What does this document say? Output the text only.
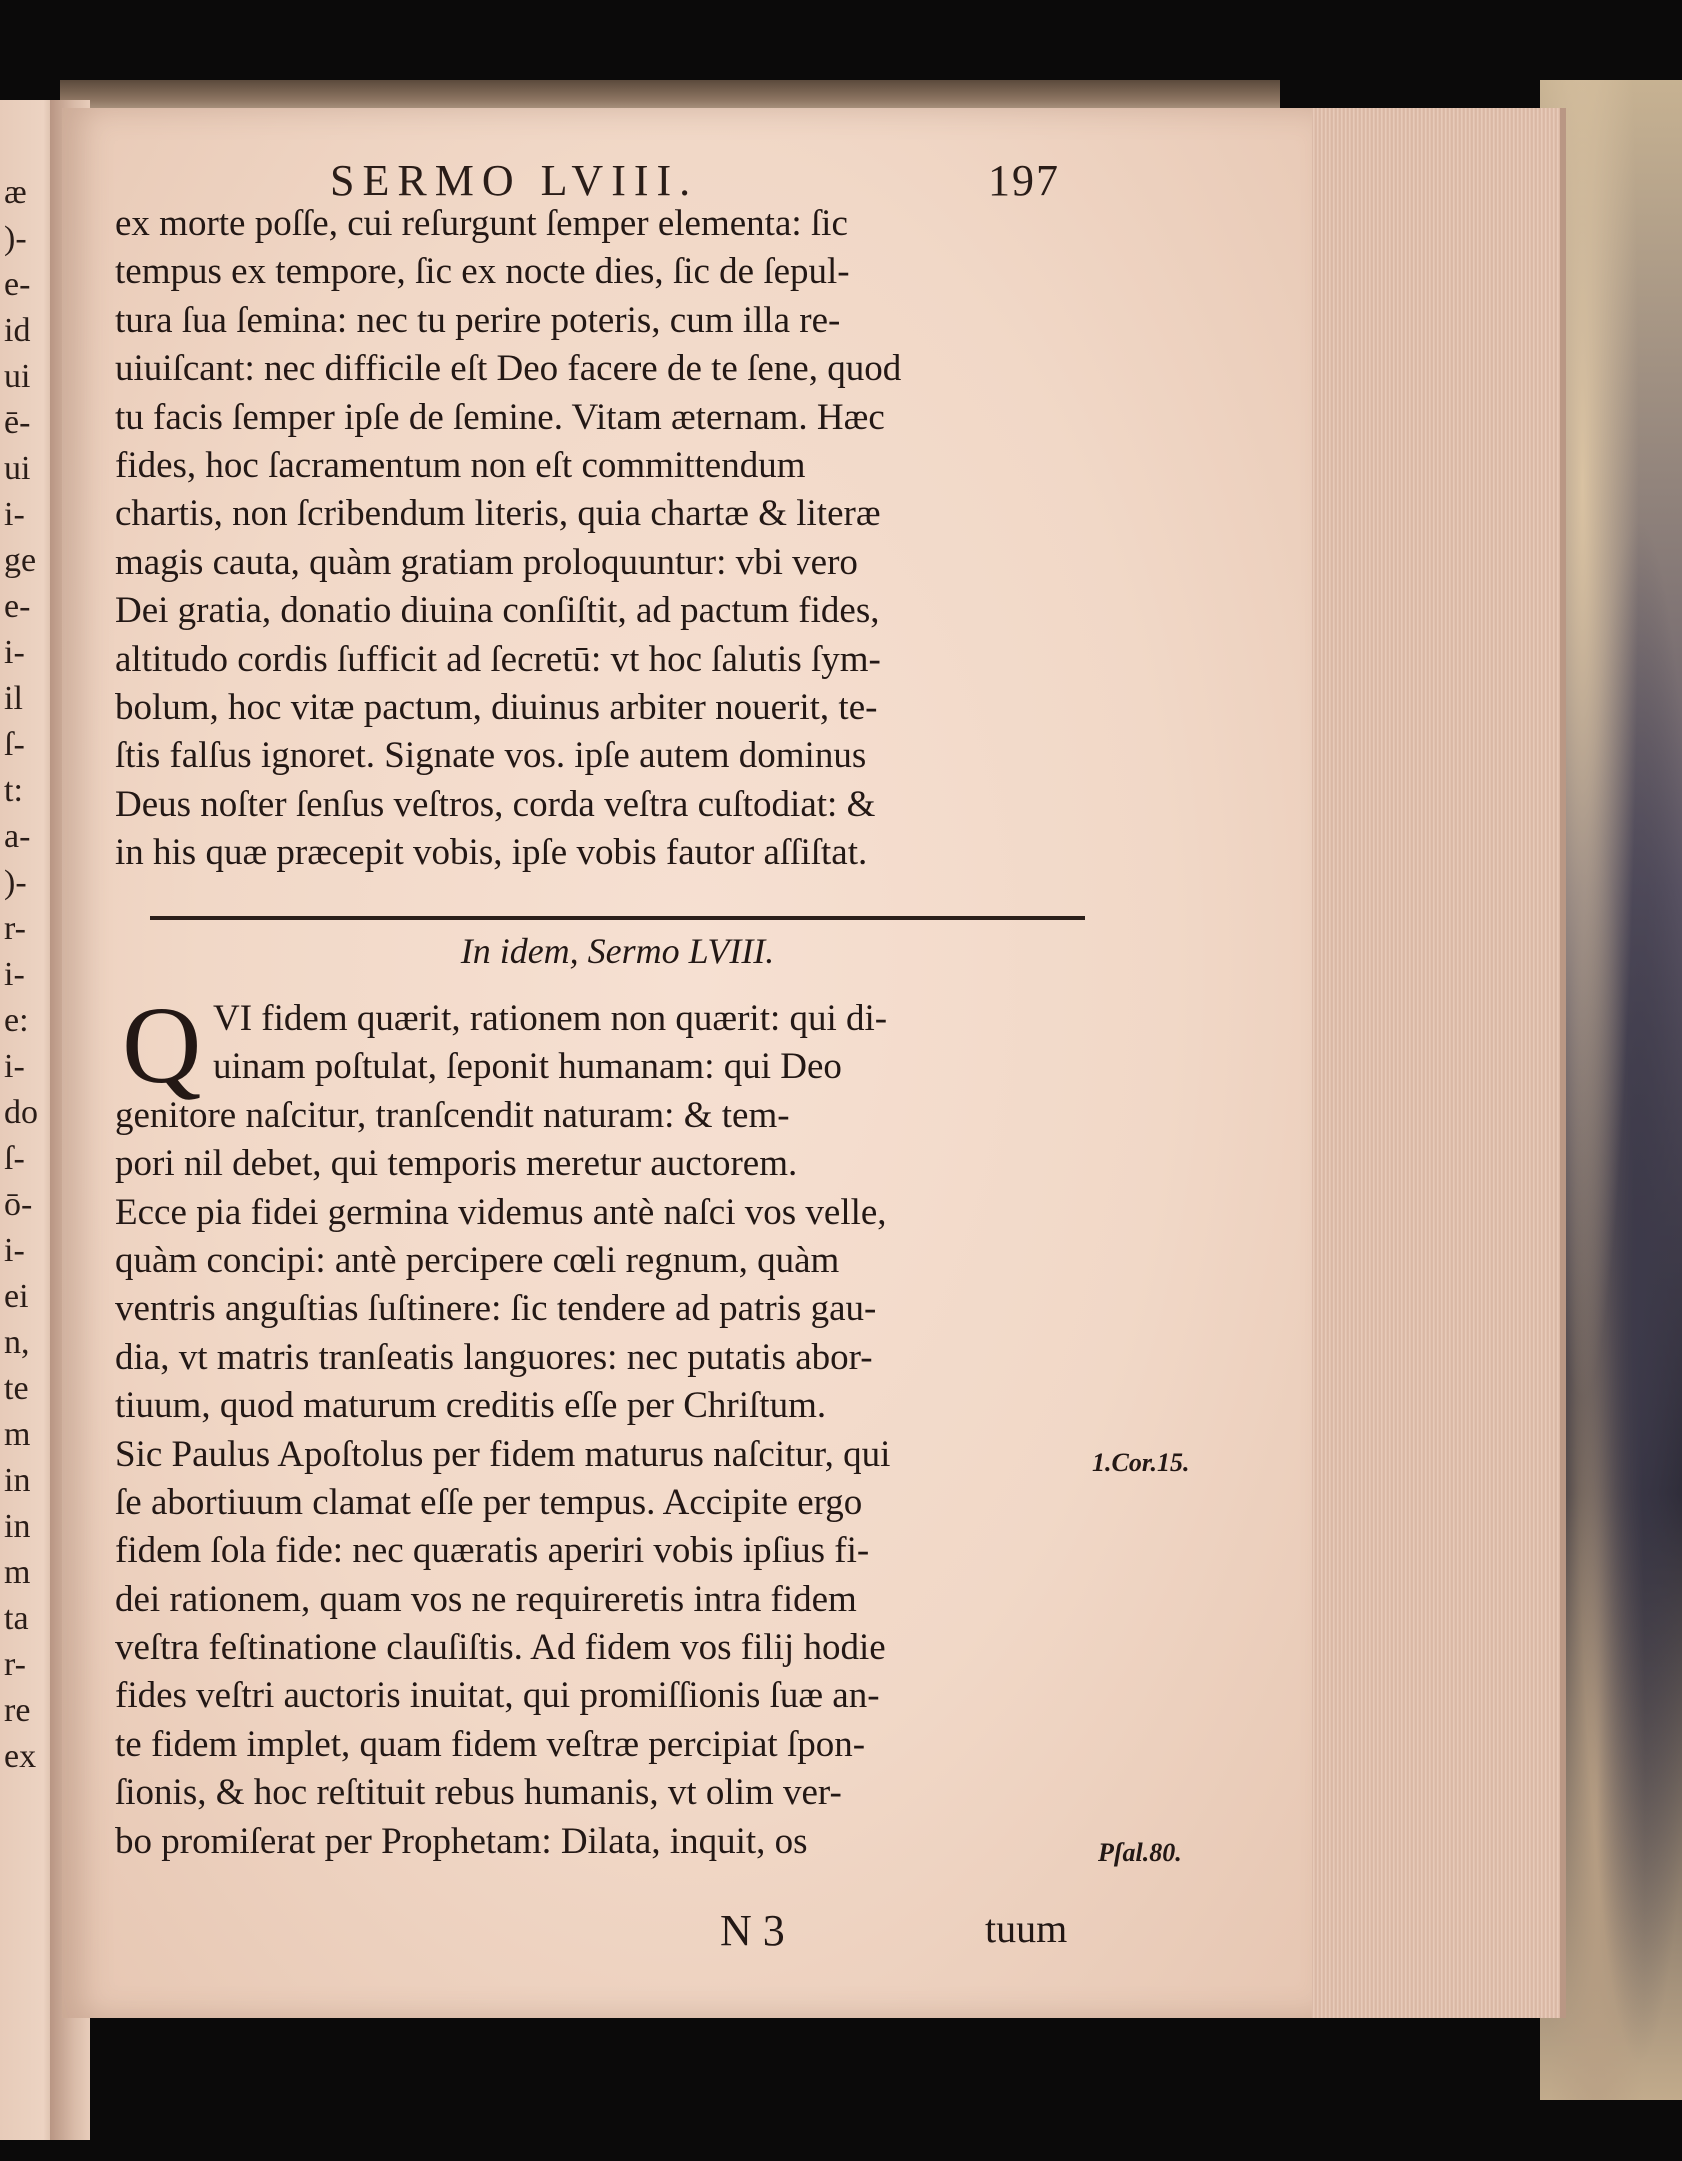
æ
)-
e-
id
ui
ē-
ui
i-
ge
e-
i-
il
ſ-
t:
a-
)-
r-
i-
e:
i-
do
ſ-
ō-
i-
ei
n,
te
m
in
in
m
ta
r-
re
ex
SERMO LVIII.	197
ex morte poſſe, cui reſurgunt ſemper elementa: ſic
tempus ex tempore, ſic ex nocte dies, ſic de ſepul-
tura ſua ſemina: nec tu perire poteris, cum illa re-
uiuiſcant: nec difficile eſt Deo facere de te ſene, quod
tu facis ſemper ipſe de ſemine. Vitam æternam. Hæc
fides, hoc ſacramentum non eſt committendum
chartis, non ſcribendum literis, quia chartæ & literæ
magis cauta, quàm gratiam proloquuntur: vbi vero
Dei gratia, donatio diuina conſiſtit, ad pactum fides,
altitudo cordis ſufficit ad ſecretū: vt hoc ſalutis ſym-
bolum, hoc vitæ pactum, diuinus arbiter nouerit, te-
ſtis falſus ignoret. Signate vos. ipſe autem dominus
Deus noſter ſenſus veſtros, corda veſtra cuſtodiat: &
in his quæ præcepit vobis, ipſe vobis fautor aſſiſtat.
In idem, Sermo LVIII.
Q VI fidem quærit, rationem non quærit: qui di-
uinam poſtulat, ſeponit humanam: qui Deo
genitore naſcitur, tranſcendit naturam: & tem-
pori nil debet, qui temporis meretur auctorem.
Ecce pia fidei germina videmus antè naſci vos velle,
quàm concipi: antè percipere cœli regnum, quàm
ventris anguſtias ſuſtinere: ſic tendere ad patris gau-
dia, vt matris tranſeatis languores: nec putatis abor-
tiuum, quod maturum creditis eſſe per Chriſtum.
Sic Paulus Apoſtolus per fidem maturus naſcitur, qui
ſe abortiuum clamat eſſe per tempus. Accipite ergo
fidem ſola fide: nec quæratis aperiri vobis ipſius fi-
dei rationem, quam vos ne requireretis intra fidem
veſtra feſtinatione clauſiſtis. Ad fidem vos filij hodie
fides veſtri auctoris inuitat, qui promiſſionis ſuæ an-
te fidem implet, quam fidem veſtræ percipiat ſpon-
ſionis, & hoc reſtituit rebus humanis, vt olim ver-
bo promiſerat per Prophetam: Dilata, inquit, os
1.Cor.15.
Pſal.80.
N 3	tuum
